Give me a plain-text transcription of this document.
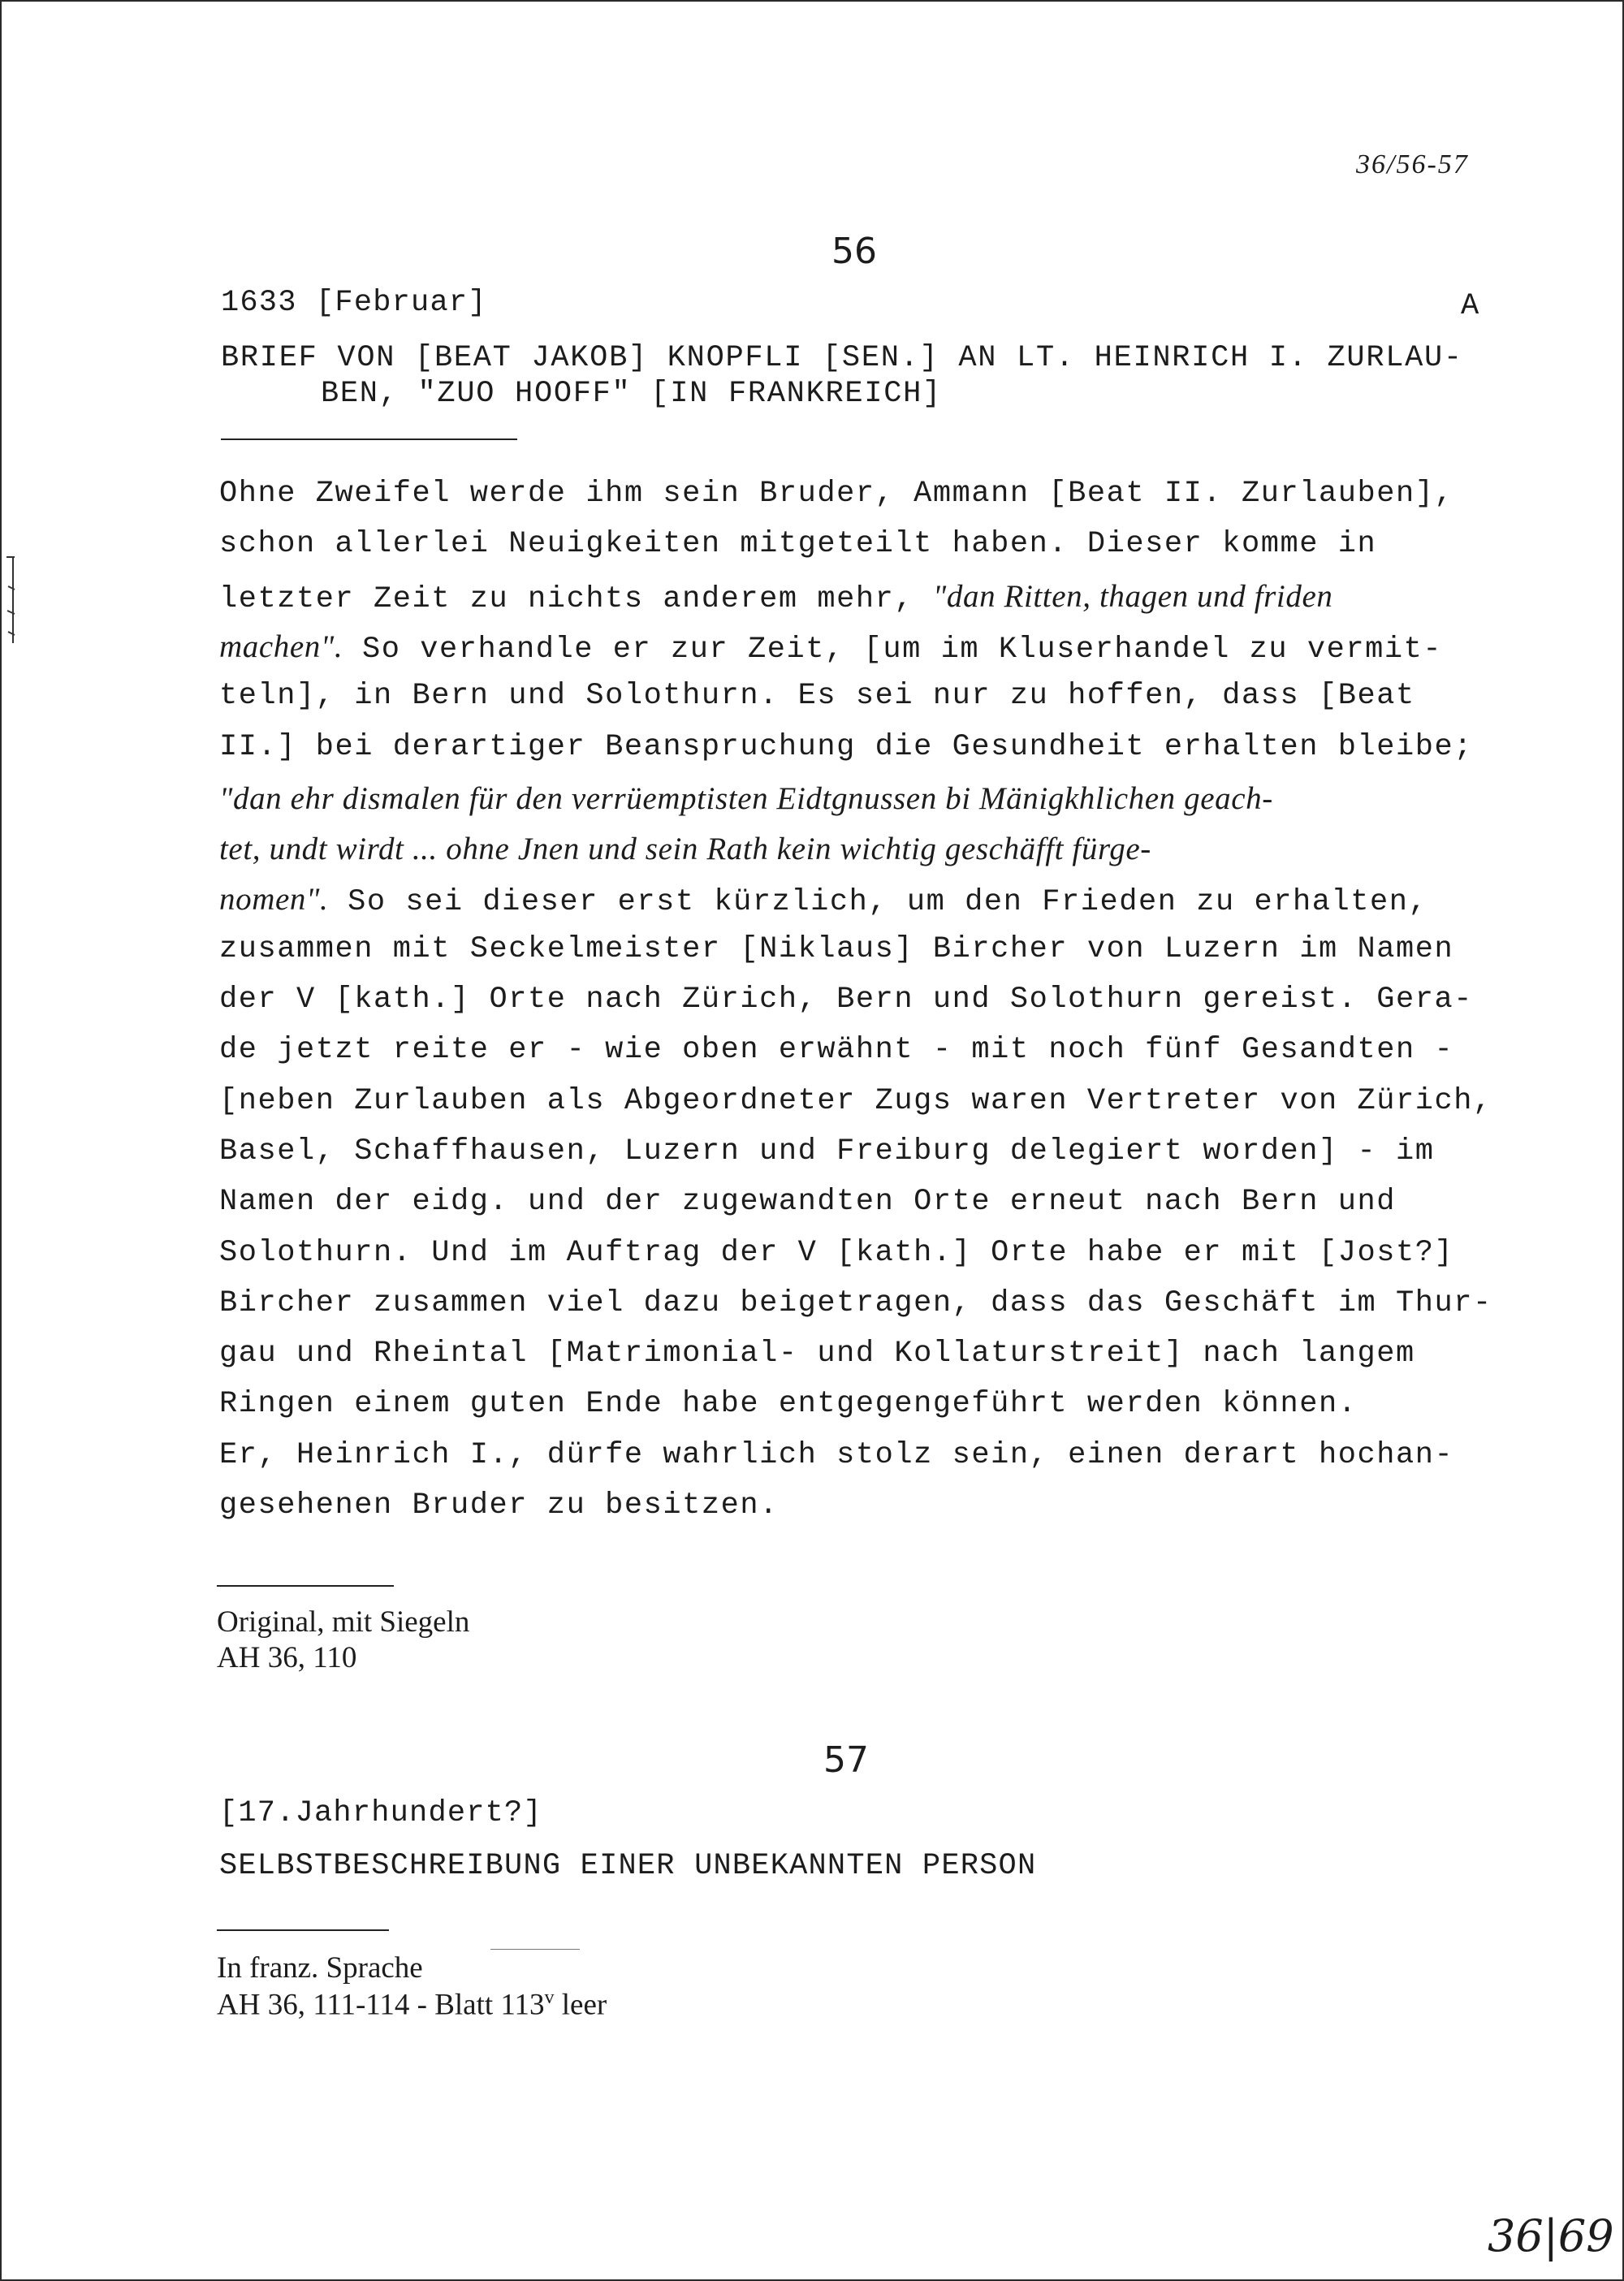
36/56-57
56
1633 [Februar]	A
BRIEF VON [BEAT JAKOB] KNOPFLI [SEN.] AN LT. HEINRICH I. ZURLAU-
BEN, "ZUO HOOFF" [IN FRANKREICH]
Ohne Zweifel werde ihm sein Bruder, Ammann [Beat II. Zurlauben],
schon allerlei Neuigkeiten mitgeteilt haben. Dieser komme in
letzter Zeit zu nichts anderem mehr, "dan Ritten, thagen und friden
machen". So verhandle er zur Zeit, [um im Kluserhandel zu vermit-
teln], in Bern und Solothurn. Es sei nur zu hoffen, dass [Beat
II.] bei derartiger Beanspruchung die Gesundheit erhalten bleibe;
"dan ehr dismalen für den verrüemptisten Eidtgnussen bi Mänigkhlichen geach-
tet, undt wirdt ... ohne Jnen und sein Rath kein wichtig geschäfft fürge-
nomen". So sei dieser erst kürzlich, um den Frieden zu erhalten,
zusammen mit Seckelmeister [Niklaus] Bircher von Luzern im Namen
der V [kath.] Orte nach Zürich, Bern und Solothurn gereist. Gera-
de jetzt reite er - wie oben erwähnt - mit noch fünf Gesandten -
[neben Zurlauben als Abgeordneter Zugs waren Vertreter von Zürich,
Basel, Schaffhausen, Luzern und Freiburg delegiert worden] - im
Namen der eidg. und der zugewandten Orte erneut nach Bern und
Solothurn. Und im Auftrag der V [kath.] Orte habe er mit [Jost?]
Bircher zusammen viel dazu beigetragen, dass das Geschäft im Thur-
gau und Rheintal [Matrimonial- und Kollaturstreit] nach langem
Ringen einem guten Ende habe entgegengeführt werden können.
Er, Heinrich I., dürfe wahrlich stolz sein, einen derart hochan-
gesehenen Bruder zu besitzen.
Original, mit Siegeln
AH 36, 110
57
[17.Jahrhundert?]
SELBSTBESCHREIBUNG EINER UNBEKANNTEN PERSON
In franz. Sprache
AH 36, 111-114 - Blatt 113$^v$ leer
36|69
